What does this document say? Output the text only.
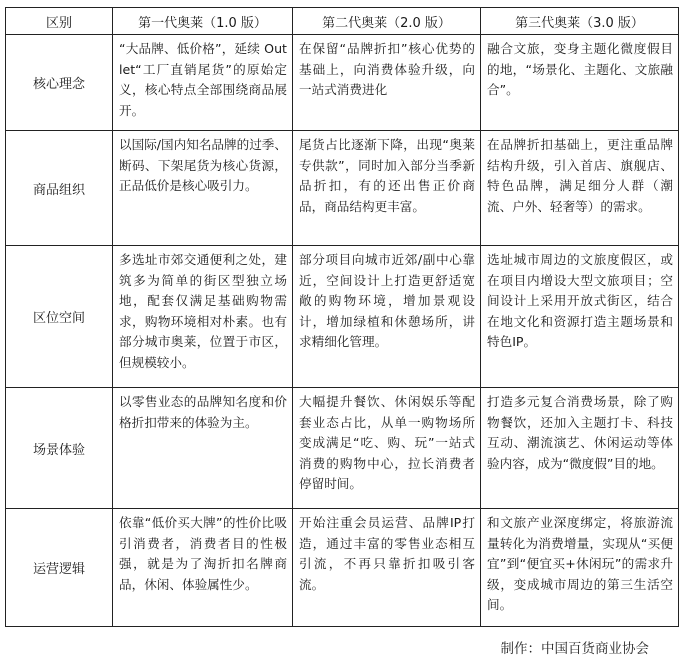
区别	第一代奥莱（1.0 版）	第二代奥莱（2.0 版）	第三代奥莱（3.0 版）
核心理念	“大品牌、低价格”，延续 Outlet“工厂直销尾货”的原始定义，核心特点全部围绕商品展开。	在保留“品牌折扣”核心优势的基础上，向消费体验升级，向一站式消费进化	融合文旅，变身主题化微度假目的地，“场景化、主题化、文旅融合”。
商品组织	以国际/国内知名品牌的过季、断码、下架尾货为核心货源，正品低价是核心吸引力。	尾货占比逐渐下降，出现“奥莱专供款”，同时加入部分当季新品折扣，有的还出售正价商品，商品结构更丰富。	在品牌折扣基础上，更注重品牌结构升级，引入首店、旗舰店、特色品牌，满足细分人群（潮流、户外、轻奢等）的需求。
区位空间	多选址市郊交通便利之处，建筑多为简单的街区型独立场地，配套仅满足基础购物需求，购物环境相对朴素。也有部分城市奥莱，位置于市区，但规模较小。	部分项目向城市近郊/副中心靠近，空间设计上打造更舒适宽敞的购物环境，增加景观设计，增加绿植和休憩场所，讲求精细化管理。	选址城市周边的文旅度假区，或在项目内增设大型文旅项目；空间设计上采用开放式街区，结合在地文化和资源打造主题场景和特色IP。
场景体验	以零售业态的品牌知名度和价格折扣带来的体验为主。	大幅提升餐饮、休闲娱乐等配套业态占比，从单一购物场所变成满足“吃、购、玩”一站式消费的购物中心，拉长消费者停留时间。	打造多元复合消费场景，除了购物餐饮，还加入主题打卡、科技互动、潮流演艺、休闲运动等体验内容，成为“微度假”目的地。
运营逻辑	依靠“低价买大牌”的性价比吸引消费者，消费者目的性极强，就是为了淘折扣名牌商品，休闲、体验属性少。	开始注重会员运营、品牌IP打造，通过丰富的零售业态相互引流，不再只靠折扣吸引客流。	和文旅产业深度绑定，将旅游流量转化为消费增量，实现从“买便宜”到“便宜买+休闲玩”的需求升级，变成城市周边的第三生活空间。
制作：中国百货商业协会
